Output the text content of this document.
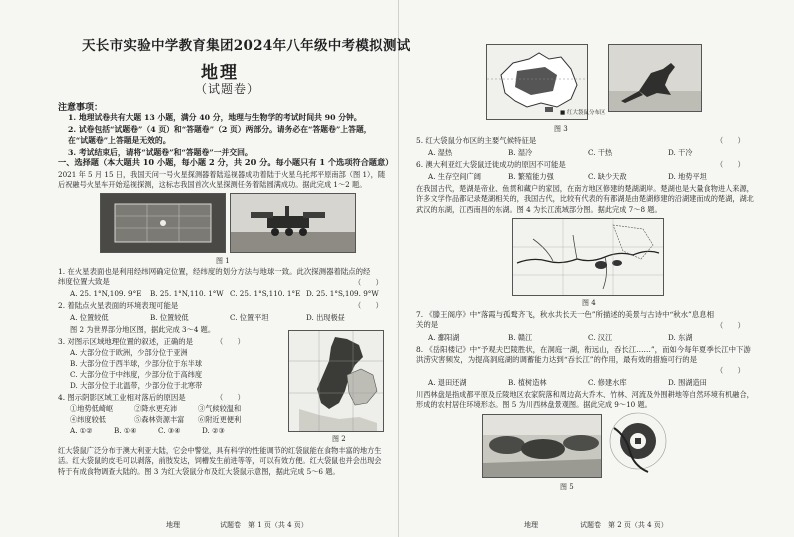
天长市实验中学教育集团2024年八年级中考模拟测试
地理
（试题卷）
注意事项：
1. 地理试卷共有大题 13 小题，满分 40 分，地理与生物学的考试时间共 90 分钟。
2. 试卷包括“试题卷”（4 页）和“答题卷”（2 页）两部分。请务必在“答题卷”上答题，在“试题卷”上答题是无效的。
3. 考试结束后，请将“试题卷”和“答题卷”一并交回。
一、选择题（本大题共 10 小题，每小题 2 分，共 20 分。每小题只有 1 个选项符合题意）
2021 年 5 月 15 日，我国天问一号火星探测器着陆巡视器成功着陆于火星乌托邦平原南部（图 1），随后祝融号火星车开始巡视探测，这标志我国首次火星探测任务着陆圆满成功。据此完成 1～2 题。
图 1
1. 在火星表面也是利用经纬网确定位置，经纬度的划分方法与地球一致。此次探测器着陆点的经纬度位置大致是	（　　）
A. 25. 1°N,109. 9°E B. 25. 1°N,110. 1°W C. 25. 1°S,110. 1°E D. 25. 1°S,109. 9°W
2. 着陆点火星表面的环境表现可能是	（　　）
A. 位置较低	B. 位置较低	C. 位置平坦	D. 出现极昼
图 2 为世界部分地区图，据此完成 3～4 题。
3. 对图示区域地理位置的叙述，正确的是	（　　）
A. 大部分位于欧洲，少部分位于亚洲
B. 大部分位于西半球，少部分位于东半球
C. 大部分位于中纬度，少部分位于高纬度
D. 大部分位于北温带，少部分位于北寒带
4. 图示阴影区域工业相对落后的原因是	（　　）
①地势低崎岖	②降水更充沛	③气候较温和
④纬度较低	⑤森林资源丰富 ⑥附近更便利
A. ①②	B. ①④	C. ③④	D. ②③
图 2
红大袋鼠广泛分布于澳大利亚大陆，它会中警觉，具有科学的性能调节的红袋鼠能在食物丰富的地方生活。红大袋鼠的皮毛可以剥落，前肢发达，饲槽发生前进等等，可以有效方便。红大袋鼠也并会出现会特于有成食物调查大陆的。图 3 为红大袋鼠分布及红大袋鼠示意图，据此完成 5～6 题。
地理	试题卷　第 1 页（共 4 页）
■ 红大袋鼠分布区
图 3
5. 红大袋鼠分布区的主要气候特征是	（　　）
A. 湿热	B. 湿冷	C. 干热	D. 干冷
6. 澳大利亚红大袋鼠迁徙成功的原因不可能是	（　　）
A. 生存空间广阔	B. 繁殖能力强	C. 缺少天敌	D. 地势平坦
在我国古代，楚湖是帝业、鱼贯和藏户的家园，在南方地区修建的楚湖湖岸。楚湖也是大量食物进人来源，许多文学作品都记录楚湖相关的，我国古代，比较有代表的有都湖是由楚湖修建的沿湖建而成的楚湖，湖北武汉的东湖，江西南昌的东湖。图 4 为长江流域部分图。据此完成 7～8 题。
图 4
7. 《滕王阁序》中“落霞与孤鹜齐飞，秋水共长天一色”所描述的美景与古诗中“秋水”息息相关的是	（　　）
A. 鄱阳湖	B. 赣江	C. 汉江	D. 东湖
8. 《岳阳楼记》中“予观夫巴陵胜状，在洞庭一湖，衔远山，吞长江……”，而如今每年夏季长江中下游洪涝灾害频发，为提高洞庭湖的调蓄能力达到“吞长江”的作用，最有效的措施可行的是
（　　）
A. 退田还湖	B. 植树造林	C. 修建水库	D. 围湖造田
川西林盘是指成都平原及丘陵地区农家院落和周边高大乔木、竹林、河流及外围耕地等自然环境有机融合，形成的农村居住环境形态。图 5 为川西林盘景观图。据此完成 9～10 题。
图 5
地理	试题卷　第 2 页（共 4 页）
